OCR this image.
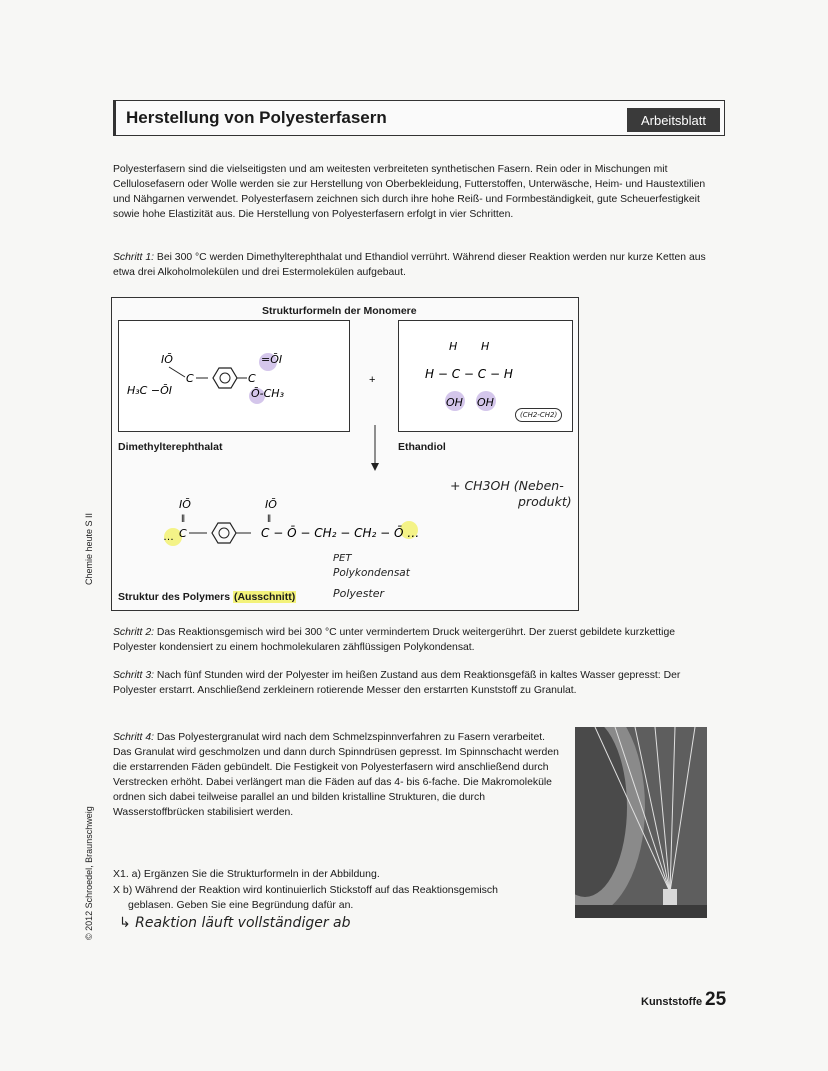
Herstellung von Polyesterfasern	Arbeitsblatt
Chemie heute S II
© 2012 Schroedel, Braunschweig
Polyesterfasern sind die vielseitigsten und am weitesten verbreiteten synthetischen Fasern. Rein oder in Mischungen mit Cellulosefasern oder Wolle werden sie zur Herstellung von Oberbekleidung, Futterstoffen, Unterwäsche, Heim- und Haustextilien und Nähgarnen verwendet. Polyesterfasern zeichnen sich durch ihre hohe Reiß- und Formbeständigkeit, gute Scheuerfestigkeit sowie hohe Elastizität aus. Die Herstellung von Polyesterfasern erfolgt in vier Schritten.
Schritt 1: Bei 300 °C werden Dimethylterephthalat und Ethandiol verrührt. Während dieser Reaktion werden nur kurze Ketten aus etwa drei Alkoholmolekülen und drei Estermolekülen aufgebaut.
Strukturformeln der Monomere
H₃C −ŌI
IŌ
C	C
=ŌI
Ō-CH₃
H H
H − C − C − H
OH OH
+
…
IŌ
‖
C
IŌ
‖
C − Ō − CH₂ − CH₂ − Ō …
Dimethylterephthalat	Ethandiol
(CH2-CH2)
+ CH3OH (Neben-
produkt)
PET
Polykondensat
Polyester
Struktur des Polymers (Ausschnitt)
Schritt 2: Das Reaktionsgemisch wird bei 300 °C unter vermindertem Druck weitergerührt. Der zuerst gebildete kurzkettige Polyester kondensiert zu einem hochmolekularen zähflüssigen Polykondensat.
Schritt 3: Nach fünf Stunden wird der Polyester im heißen Zustand aus dem Reaktionsgefäß in kaltes Wasser gepresst: Der Polyester erstarrt. Anschließend zerkleinern rotierende Messer den erstarrten Kunststoff zu Granulat.
Schritt 4: Das Polyestergranulat wird nach dem Schmelzspinnverfahren zu Fasern verarbeitet. Das Granulat wird geschmolzen und dann durch Spinndrüsen gepresst. Im Spinnschacht werden die erstarrenden Fäden gebündelt. Die Festigkeit von Polyesterfasern wird anschließend durch Verstrecken erhöht. Dabei verlängert man die Fäden auf das 4- bis 6-fache. Die Makromoleküle ordnen sich dabei teilweise parallel an und bilden kristalline Strukturen, die durch Wasserstoffbrücken stabilisiert werden.
X1. a) Ergänzen Sie die Strukturformeln in der Abbildung.
X b) Während der Reaktion wird kontinuierlich Stickstoff auf das Reaktionsgemisch
geblasen. Geben Sie eine Begründung dafür an.
↳ Reaktion läuft vollständiger ab
Kunststoffe 25
